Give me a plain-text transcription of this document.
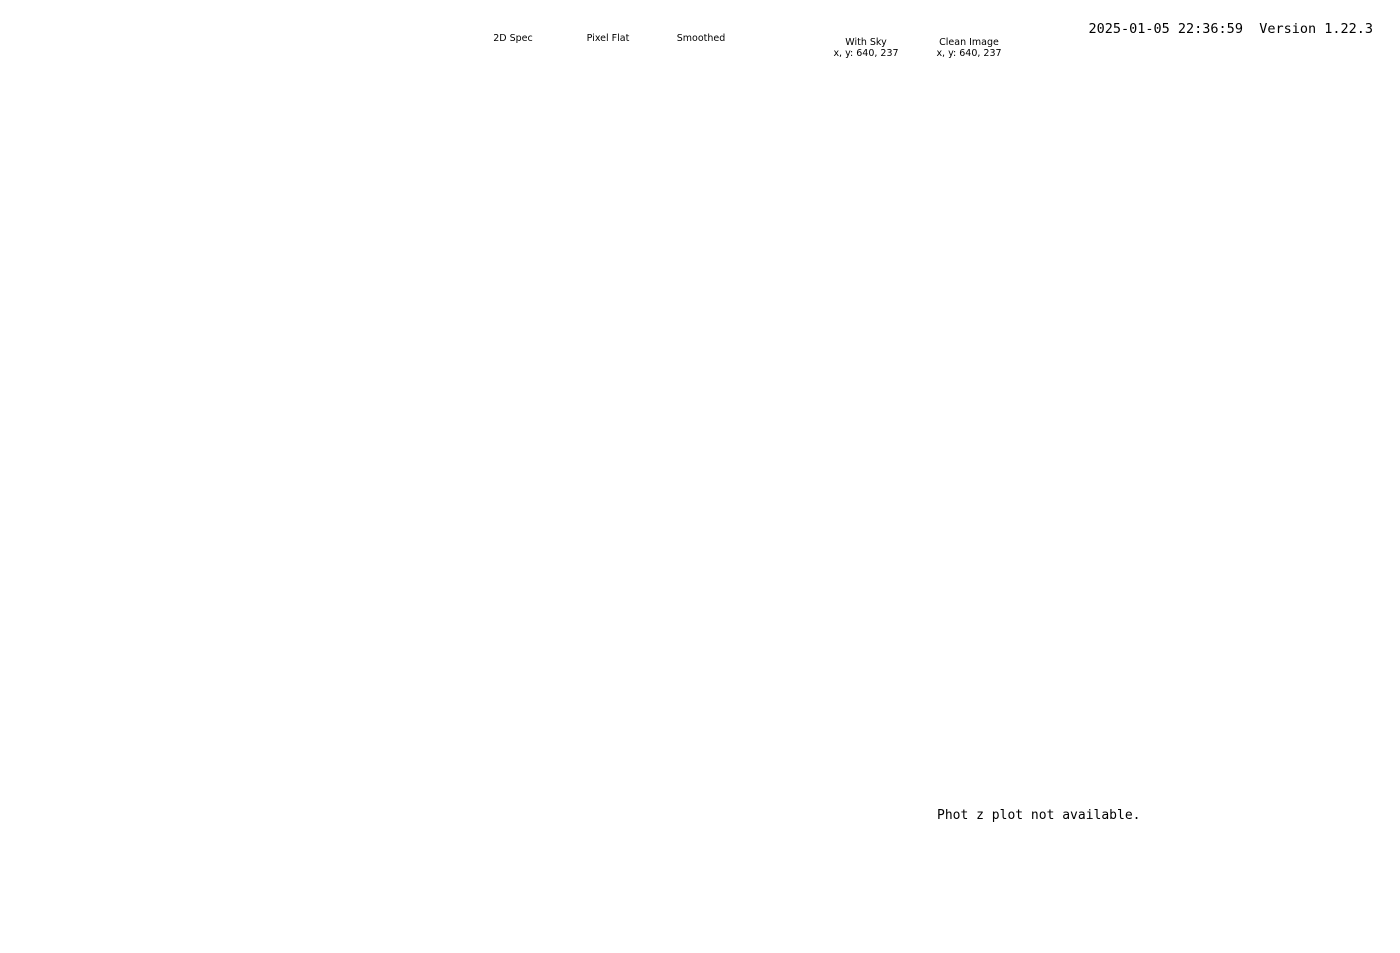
2025-01-05 22:36:59 Version 1.22.3

2D Spec	Pixel Flat	Smoothed	With Sky
x, y: 640, 237
Clean Image
x, y: 640, 237
Phot z plot not available.
